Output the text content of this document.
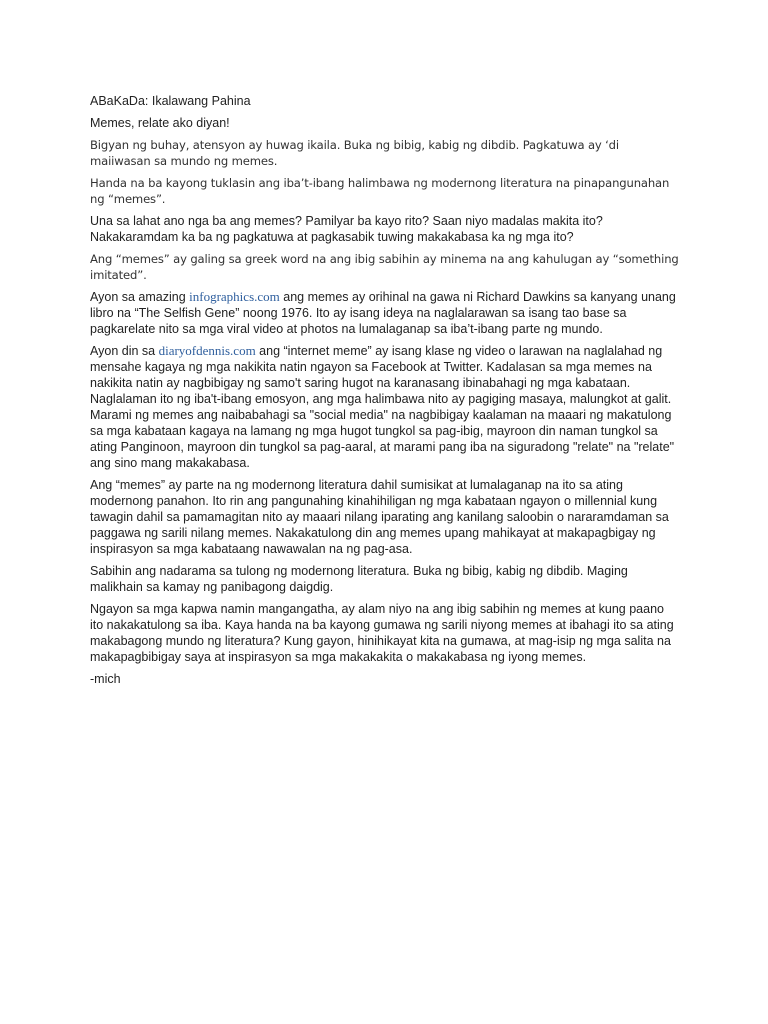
ABaKaDa: Ikalawang Pahina

Memes, relate ako diyan!

Bigyan ng buhay, atensyon ay huwag ikaila. Buka ng bibig, kabig ng dibdib. Pagkatuwa ay ‘di maiiwasan sa mundo ng memes.

Handa na ba kayong tuklasin ang iba’t-ibang halimbawa ng modernong literatura na pinapangunahan ng “memes”.

Una sa lahat ano nga ba ang memes? Pamilyar ba kayo rito? Saan niyo madalas makita ito? Nakakaramdam ka ba ng pagkatuwa at pagkasabik tuwing makakabasa ka ng mga ito?

Ang “memes” ay galing sa greek word na ang ibig sabihin ay minema na ang kahulugan ay “something imitated”.

Ayon sa amazing infographics.com ang memes ay orihinal na gawa ni Richard Dawkins sa kanyang unang libro na “The Selfish Gene” noong 1976. Ito ay isang ideya na naglalarawan sa isang tao base sa pagkarelate nito sa mga viral video at photos na lumalaganap sa iba’t-ibang parte ng mundo.

Ayon din sa diaryofdennis.com ang “internet meme” ay isang klase ng video o larawan na naglalahad ng mensahe kagaya ng mga nakikita natin ngayon sa Facebook at Twitter. Kadalasan sa mga memes na nakikita natin ay nagbibigay ng samo't saring hugot na karanasang ibinabahagi ng mga kabataan. Naglalaman ito ng iba't-ibang emosyon, ang mga halimbawa nito ay pagiging masaya, malungkot at galit. Marami ng memes ang naibabahagi sa "social media" na nagbibigay kaalaman na maaari ng makatulong sa mga kabataan kagaya na lamang ng mga hugot tungkol sa pag-ibig, mayroon din naman tungkol sa ating Panginoon, mayroon din tungkol sa pag-aaral, at marami pang iba na siguradong "relate" na "relate" ang sino mang makakabasa.

Ang “memes” ay parte na ng modernong literatura dahil sumisikat at lumalaganap na ito sa ating modernong panahon. Ito rin ang pangunahing kinahihiligan ng mga kabataan ngayon o millennial kung tawagin dahil sa pamamagitan nito ay maaari nilang iparating ang kanilang saloobin o nararamdaman sa paggawa ng sarili nilang memes. Nakakatulong din ang memes upang mahikayat at makapagbigay ng inspirasyon sa mga kabataang nawawalan na ng pag-asa.

Sabihin ang nadarama sa tulong ng modernong literatura. Buka ng bibig, kabig ng dibdib. Maging malikhain sa kamay ng panibagong daigdig.

Ngayon sa mga kapwa namin mangangatha, ay alam niyo na ang ibig sabihin ng memes at kung paano ito nakakatulong sa iba. Kaya handa na ba kayong gumawa ng sarili niyong memes at ibahagi ito sa ating makabagong mundo ng literatura? Kung gayon, hinihikayat kita na gumawa, at mag-isip ng mga salita na makapagbibigay saya at inspirasyon sa mga makakakita o makakabasa ng iyong memes.

-mich
